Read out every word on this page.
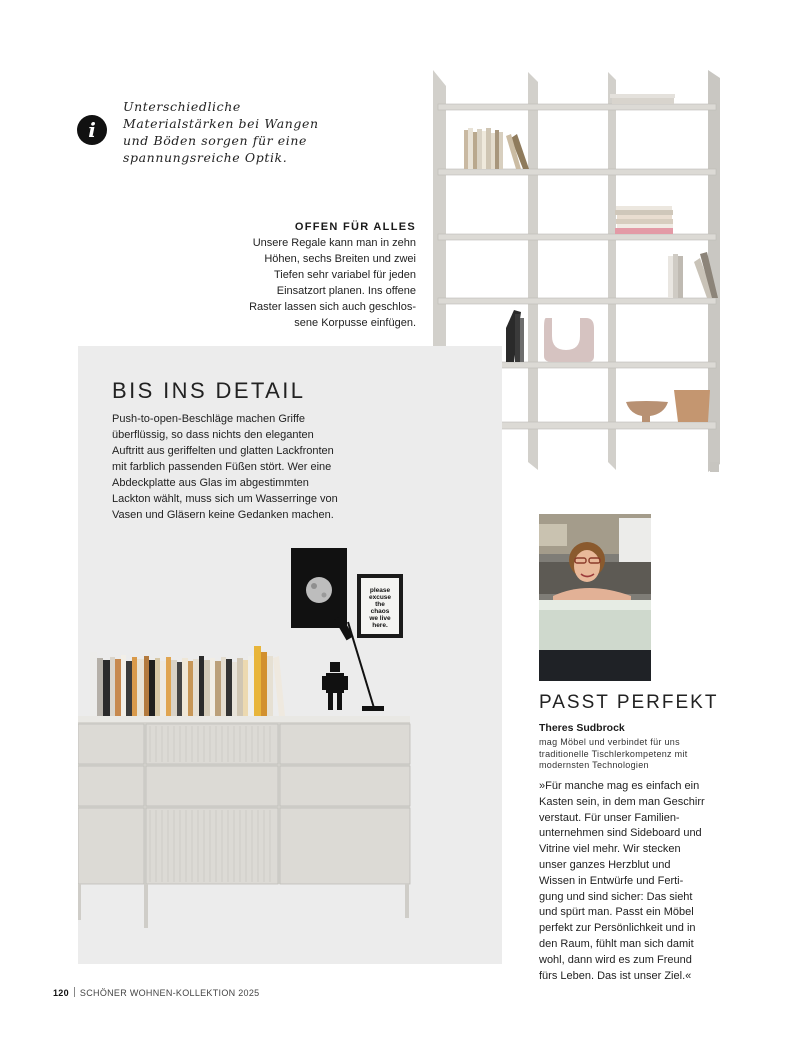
i
Unterschiedliche
Materialstärken bei Wangen
und Böden sorgen für eine
spannungsreiche Optik.
OFFEN FÜR ALLES
Unsere Regale kann man in zehn
Höhen, sechs Breiten und zwei
Tiefen sehr variabel für jeden
Einsatzort planen. Ins offene
Raster lassen sich auch geschlos-
sene Korpusse einfügen.
BIS INS DETAIL
Push-to-open-Beschläge machen Griffe
überflüssig, so dass nichts den eleganten
Auftritt aus geriffelten und glatten Lackfronten
mit farblich passenden Füßen stört. Wer eine
Abdeckplatte aus Glas im abgestimmten
Lackton wählt, muss sich um Wasserringe von
Vasen und Gläsern keine Gedanken machen.
please excuse the chaos we live here.
PASST PERFEKT
Theres Sudbrock
mag Möbel und verbindet für uns
traditionelle Tischlerkompetenz mit
modernsten Technologien
»Für manche mag es einfach ein
Kasten sein, in dem man Geschirr
verstaut. Für unser Familien-
unternehmen sind Sideboard und
Vitrine viel mehr. Wir stecken
unser ganzes Herzblut und
Wissen in Entwürfe und Ferti-
gung und sind sicher: Das sieht
und spürt man. Passt ein Möbel
perfekt zur Persönlichkeit und in
den Raum, fühlt man sich damit
wohl, dann wird es zum Freund
fürs Leben. Das ist unser Ziel.«
120 SCHÖNER WOHNEN-KOLLEKTION 2025
